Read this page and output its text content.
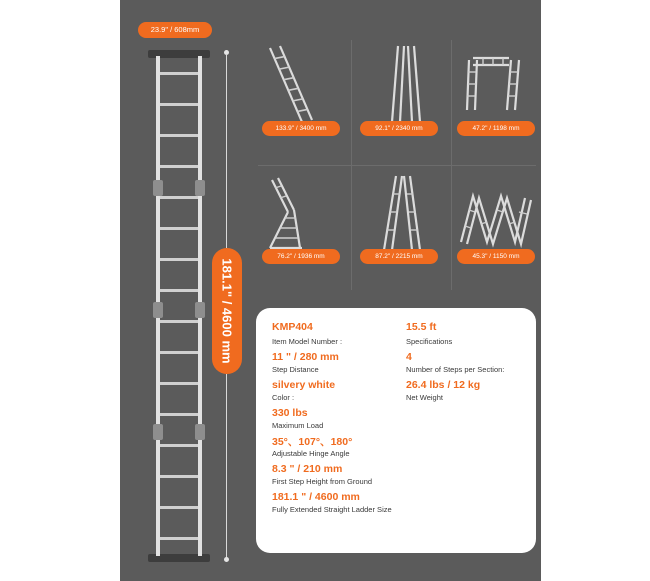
23.9" / 608mm
181.1" / 4600 mm
133.9" / 3400 mm	92.1" / 2340 mm	47.2" / 1198 mm
76.2" / 1936 mm	87.2" / 2215 mm	45.3" / 1150 mm
KMP404
Item Model Number :
11 " / 280 mm
Step Distance
silvery white
Color :
330 lbs
Maximum Load
35°、107°、180°
Adjustable Hinge Angle
8.3 " / 210 mm
First Step Height from Ground
181.1 " / 4600 mm
Fully Extended Straight Ladder Size
15.5 ft
Specifications
4
Number of Steps per Section:
26.4 lbs / 12 kg
Net Weight
